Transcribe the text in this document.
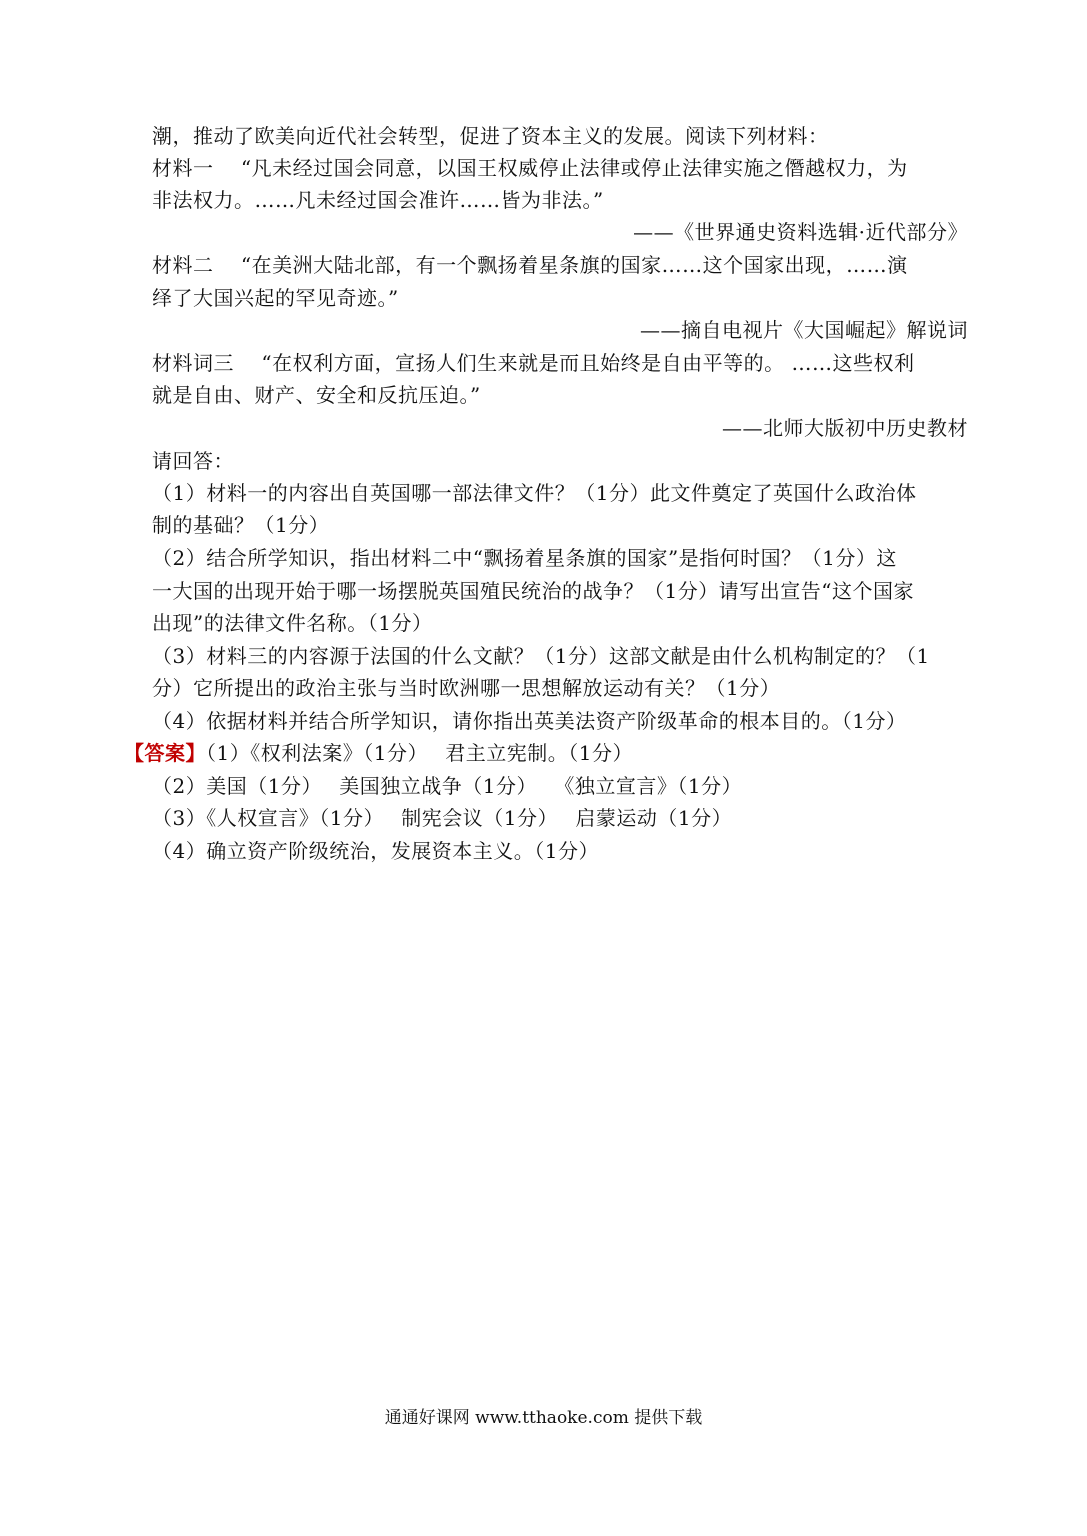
潮，推动了欧美向近代社会转型，促进了资本主义的发展。阅读下列材料：
材料一　 “凡未经过国会同意，以国王权威停止法律或停止法律实施之僭越权力，为
非法权力。……凡未经过国会准许……皆为非法。”
——《世界通史资料选辑·近代部分》
材料二　 “在美洲大陆北部，有一个飘扬着星条旗的国家……这个国家出现，……演
绎了大国兴起的罕见奇迹。”
——摘自电视片《大国崛起》解说词
材料词三　 “在权利方面，宣扬人们生来就是而且始终是自由平等的。 ……这些权利
就是自由、财产、安全和反抗压迫。”
——北师大版初中历史教材
请回答：
（1）材料一的内容出自英国哪一部法律文件？（1分）此文件奠定了英国什么政治体
制的基础？（1分）
（2）结合所学知识，指出材料二中“飘扬着星条旗的国家”是指何时国？（1分）这
一大国的出现开始于哪一场摆脱英国殖民统治的战争？（1分）请写出宣告“这个国家
出现”的法律文件名称。（1分）
（3）材料三的内容源于法国的什么文献？（1分）这部文献是由什么机构制定的？（1
分）它所提出的政治主张与当时欧洲哪一思想解放运动有关？（1分）
（4）依据材料并结合所学知识，请你指出英美法资产阶级革命的根本目的。（1分）
【答案】（1）《权利法案》（1分）　 君主立宪制。（1分）
（2）美国（1分）　 美国独立战争（1分）　 《独立宣言》（1分）
（3）《人权宣言》（1分）　 制宪会议（1分）　 启蒙运动（1分）
（4）确立资产阶级统治，发展资本主义。（1分）
通通好课网 www.tthaoke.com 提供下载
